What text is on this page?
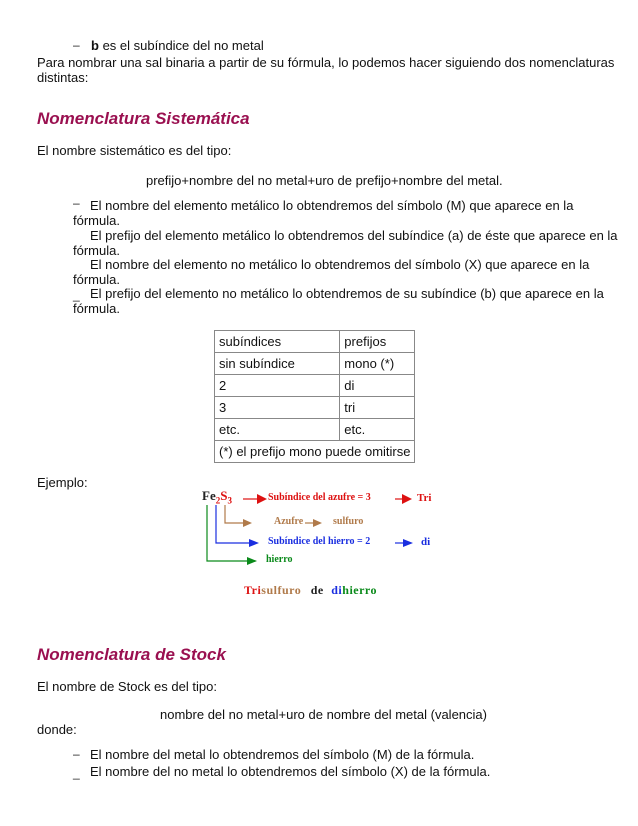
– b es el subíndice del no metal
Para nombrar una sal binaria a partir de su fórmula, lo podemos hacer siguiendo dos nomenclaturas
distintas:
Nomenclatura Sistemática
El nombre sistemático es del tipo:
prefijo+nombre del no metal+uro de prefijo+nombre del metal.
– El nombre del elemento metálico lo obtendremos del símbolo (M) que aparece en la
fórmula.
El prefijo del elemento metálico lo obtendremos del subíndice (a) de éste que aparece en la
fórmula.
El nombre del elemento no metálico lo obtendremos del símbolo (X) que aparece en la
fórmula.
_ El prefijo del elemento no metálico lo obtendremos de su subíndice (b) que aparece en la
fórmula.
subíndices	prefijos
sin subíndice	mono (*)
2	di
3	tri
etc.	etc.
(*) el prefijo mono puede omitirse	
Ejemplo:
$Fe_2S_3$	Subíndice del azufre = 3	Tri
Azufre	sulfuro
Subíndice del hierro = 2	di
hierro
Trisulfuro de dihierro
Nomenclatura de Stock
El nombre de Stock es del tipo:
nombre del no metal+uro de nombre del metal (valencia)
donde:
– El nombre del metal lo obtendremos del símbolo (M) de la fórmula.
_ El nombre del no metal lo obtendremos del símbolo (X) de la fórmula.
